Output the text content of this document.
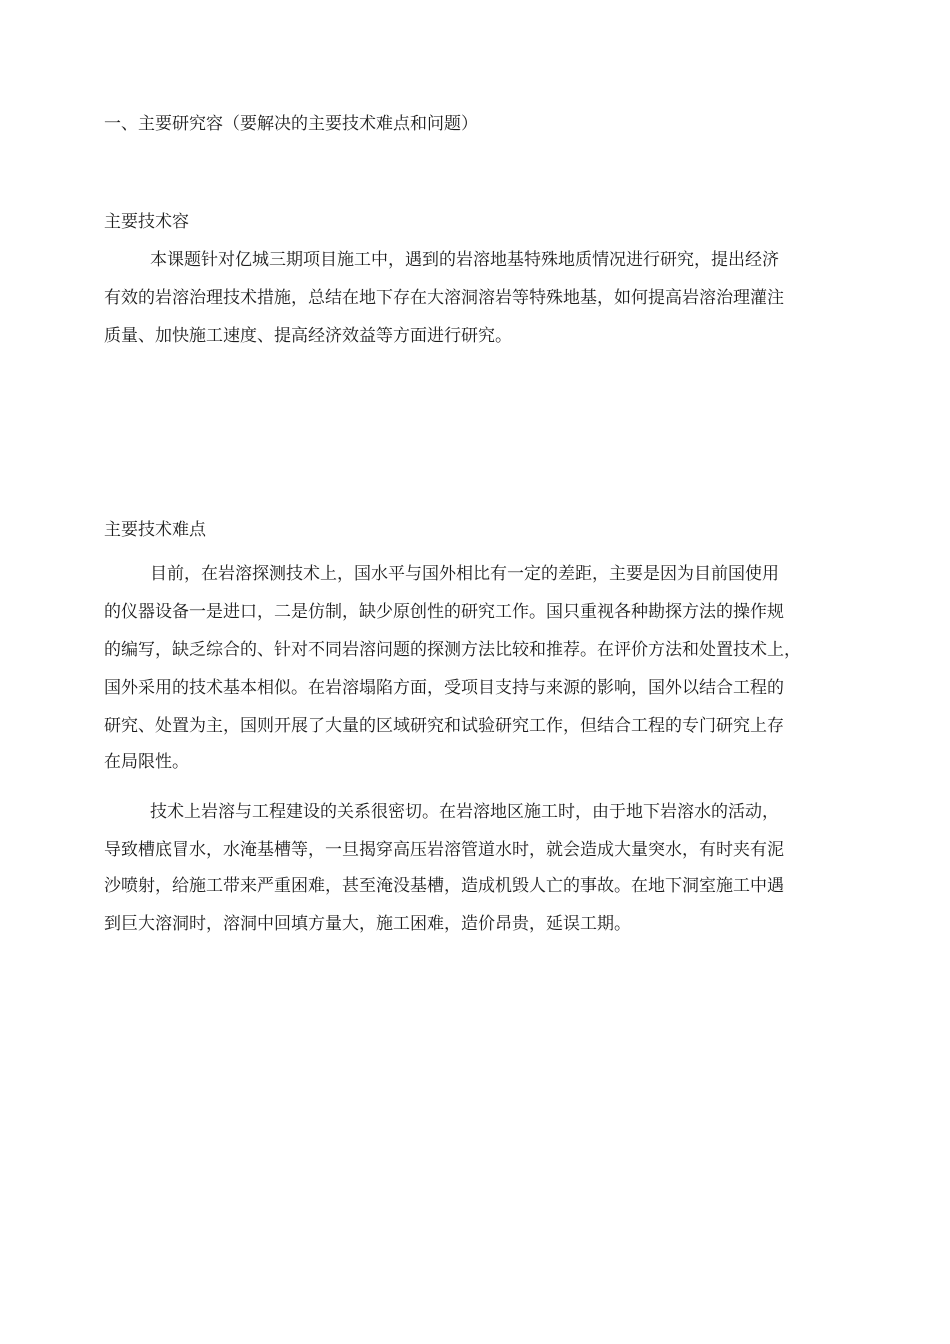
一、主要研究容（要解决的主要技术难点和问题）
主要技术容
本课题针对亿城三期项目施工中，遇到的岩溶地基特殊地质情况进行研究，提出经济
有效的岩溶治理技术措施，总结在地下存在大溶洞溶岩等特殊地基，如何提高岩溶治理灌注
质量、加快施工速度、提高经济效益等方面进行研究。
主要技术难点
目前，在岩溶探测技术上，国水平与国外相比有一定的差距，主要是因为目前国使用
的仪器设备一是进口，二是仿制，缺少原创性的研究工作。国只重视各种勘探方法的操作规
的编写，缺乏综合的、针对不同岩溶问题的探测方法比较和推荐。在评价方法和处置技术上，
国外采用的技术基本相似。在岩溶塌陷方面，受项目支持与来源的影响，国外以结合工程的
研究、处置为主，国则开展了大量的区域研究和试验研究工作，但结合工程的专门研究上存
在局限性。
技术上岩溶与工程建设的关系很密切。在岩溶地区施工时，由于地下岩溶水的活动，
导致槽底冒水，水淹基槽等，一旦揭穿高压岩溶管道水时，就会造成大量突水，有时夹有泥
沙喷射，给施工带来严重困难，甚至淹没基槽，造成机毁人亡的事故。在地下洞室施工中遇
到巨大溶洞时，溶洞中回填方量大，施工困难，造价昂贵，延误工期。
